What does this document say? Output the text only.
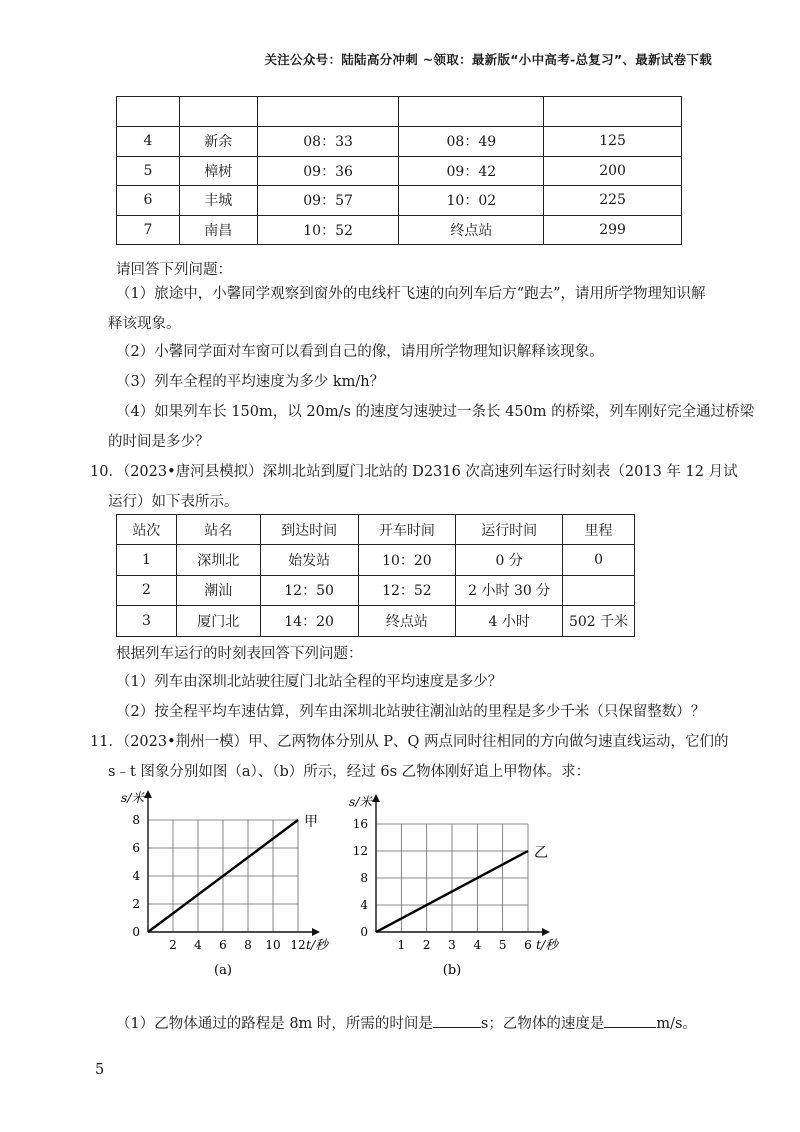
关注公众号：陆陆高分冲刺 ~领取：最新版“小中高考-总复习”、最新试卷下载

4	新余	08：33	08：49	125
5	樟树	09：36	09：42	200
6	丰城	09：57	10：02	225
7	南昌	10：52	终点站	299
请回答下列问题：
（1）旅途中，小馨同学观察到窗外的电线杆飞速的向列车后方“跑去”，请用所学物理知识解
释该现象。
（2）小馨同学面对车窗可以看到自己的像，请用所学物理知识解释该现象。
（3）列车全程的平均速度为多少 km/h？
（4）如果列车长 150m，以 20m/s 的速度匀速驶过一条长 450m 的桥梁，列车刚好完全通过桥梁
的时间是多少？
10．（2023•唐河县模拟）深圳北站到厦门北站的 D2316 次高速列车运行时刻表（2013 年 12 月试
运行）如下表所示。
站次	站名	到达时间	开车时间	运行时间	里程
1	深圳北	始发站	10：20	0 分	0
2	潮汕	12：50	12：52	2 小时 30 分	
3	厦门北	14：20	终点站	4 小时	502 千米
根据列车运行的时刻表回答下列问题：
（1）列车由深圳北站驶往厦门北站全程的平均速度是多少？
（2）按全程平均车速估算，列车由深圳北站驶往潮汕站的里程是多少千米（只保留整数）？
11．（2023•荆州一模）甲、乙两物体分别从 P、Q 两点同时往相同的方向做匀速直线运动，它们的
s﹣t 图象分别如图（a）、（b）所示，经过 6s 乙物体刚好追上甲物体。求：
2 4 6 8 10 12
0
2
4
6
8
s/米
t/秒
甲
(a)
1 2 3 4 5 6
0
4
8
12
16
s/米
t/秒
乙
(b)
（1）乙物体通过的路程是 8m 时，所需的时间是	s；乙物体的速度是	m/s。
5
